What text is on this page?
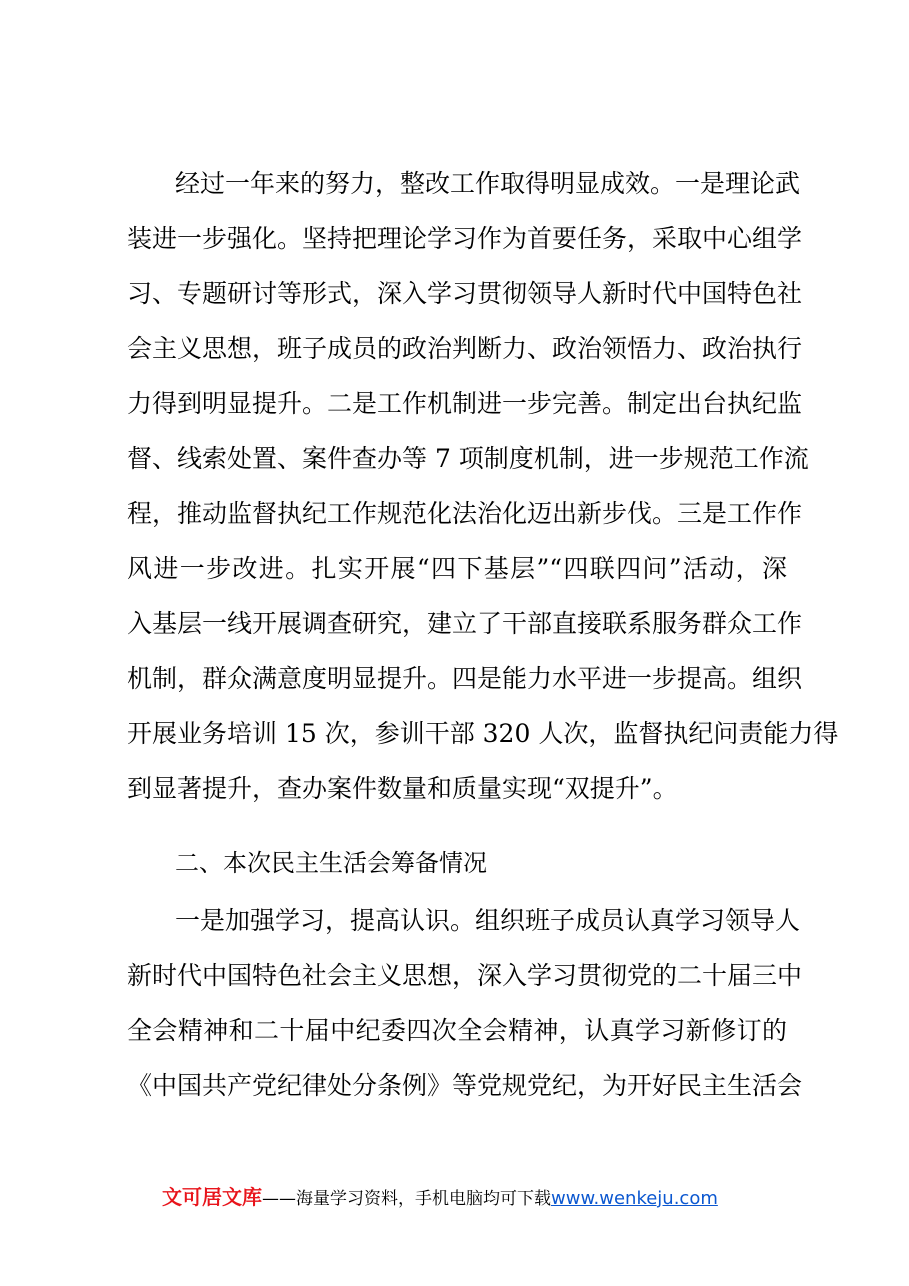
经过一年来的努力，整改工作取得明显成效。一是理论武
装进一步强化。坚持把理论学习作为首要任务，采取中心组学
习、专题研讨等形式，深入学习贯彻领导人新时代中国特色社
会主义思想，班子成员的政治判断力、政治领悟力、政治执行
力得到明显提升。二是工作机制进一步完善。制定出台执纪监
督、线索处置、案件查办等 7 项制度机制，进一步规范工作流
程，推动监督执纪工作规范化法治化迈出新步伐。三是工作作
风进一步改进。扎实开展“四下基层”“四联四问”活动，深
入基层一线开展调查研究，建立了干部直接联系服务群众工作
机制，群众满意度明显提升。四是能力水平进一步提高。组织
开展业务培训 15 次，参训干部 320 人次，监督执纪问责能力得
到显著提升，查办案件数量和质量实现“双提升”。
二、本次民主生活会筹备情况
一是加强学习，提高认识。组织班子成员认真学习领导人
新时代中国特色社会主义思想，深入学习贯彻党的二十届三中
全会精神和二十届中纪委四次全会精神，认真学习新修订的
《中国共产党纪律处分条例》等党规党纪，为开好民主生活会
文可居文库——海量学习资料，手机电脑均可下载www.wenkeju.com
